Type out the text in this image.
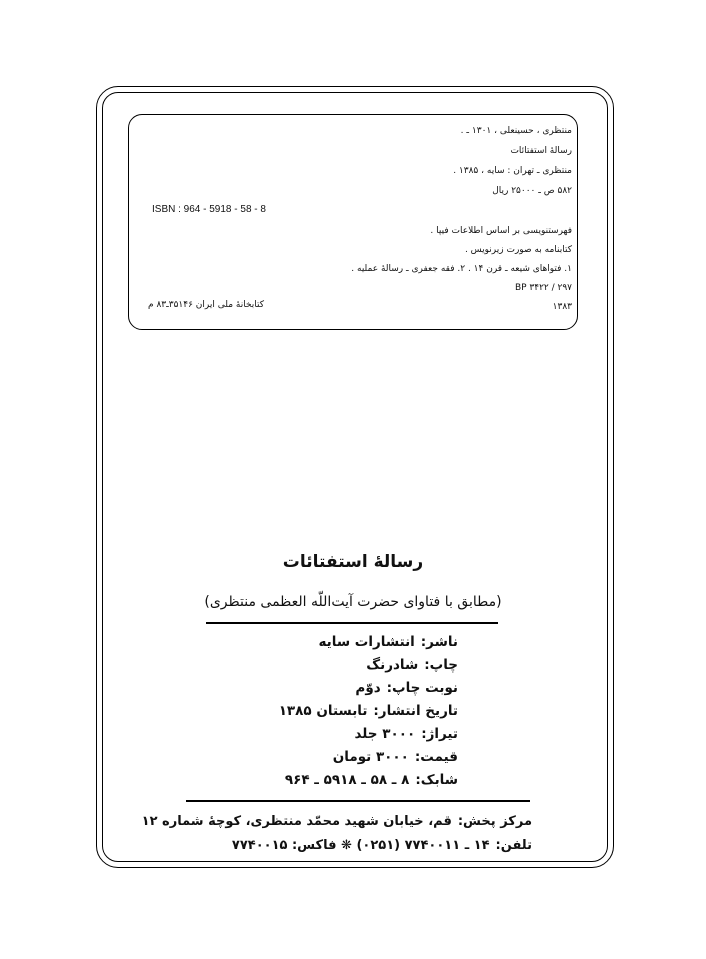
منتظری ، حسینعلی ، ۱۳۰۱ ـ .
رسالهٔ استفتائات
منتظری ـ تهران : سایه ، ۱۳۸۵ .
۵۸۲ ص ـ ۲۵۰۰۰ ریال
ISBN : 964 - 5918 - 58 - 8
فهرستنویسی بر اساس اطلاعات فیپا .
کتابنامه به صورت زیرنویس .
۱. فتواهای شیعه ـ قرن ۱۴ . ۲. فقه جعفری ـ رسالهٔ عملیه .
BP ۳۴۲۲ / ۲۹۷
۱۳۸۳
کتابخانهٔ ملی ایران ۳۵۱۴۶ـ۸۳ م
رسالهٔ استفتائات
(مطابق با فتاوای حضرت آیت‌اللّه العظمی منتظری)
ناشر:انتشارات سایه
چاپ:شادرنگ
نوبت چاپ:دوّم
تاریخ انتشار:تابستان ۱۳۸۵
تیراژ:۳۰۰۰ جلد
قیمت:۳۰۰۰ تومان
شابک:۸ ـ ۵۸ ـ ۵۹۱۸ ـ ۹۶۴
مرکز پخش:قم، خیابان شهید محمّد منتظری، کوچهٔ شماره ۱۲
تلفن:۱۴ ـ ۷۷۴۰۰۱۱ (۰۲۵۱) ❋ فاکس: ۷۷۴۰۰۱۵
